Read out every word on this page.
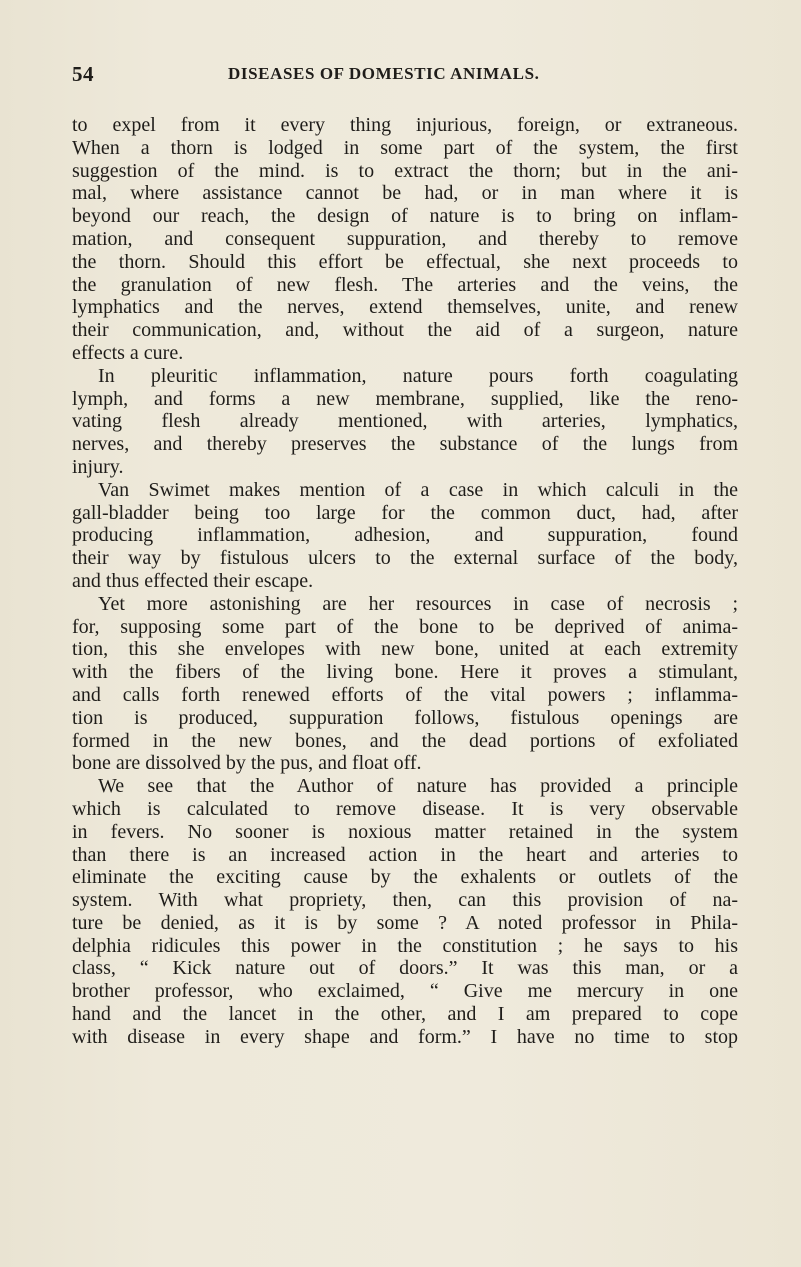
54	DISEASES OF DOMESTIC ANIMALS.
to expel from it every thing injurious, foreign, or extraneous.
When a thorn is lodged in some part of the system, the first
suggestion of the mind. is to extract the thorn; but in the ani-
mal, where assistance cannot be had, or in man where it is
beyond our reach, the design of nature is to bring on inflam-
mation, and consequent suppuration, and thereby to remove
the thorn. Should this effort be effectual, she next proceeds to
the granulation of new flesh. The arteries and the veins, the
lymphatics and the nerves, extend themselves, unite, and renew
their communication, and, without the aid of a surgeon, nature
effects a cure.
In pleuritic inflammation, nature pours forth coagulating
lymph, and forms a new membrane, supplied, like the reno-
vating flesh already mentioned, with arteries, lymphatics,
nerves, and thereby preserves the substance of the lungs from
injury.
Van Swimet makes mention of a case in which calculi in the
gall-bladder being too large for the common duct, had, after
producing inflammation, adhesion, and suppuration, found
their way by fistulous ulcers to the external surface of the body,
and thus effected their escape.
Yet more astonishing are her resources in case of necrosis ;
for, supposing some part of the bone to be deprived of anima-
tion, this she envelopes with new bone, united at each extremity
with the fibers of the living bone. Here it proves a stimulant,
and calls forth renewed efforts of the vital powers ; inflamma-
tion is produced, suppuration follows, fistulous openings are
formed in the new bones, and the dead portions of exfoliated
bone are dissolved by the pus, and float off.
We see that the Author of nature has provided a principle
which is calculated to remove disease. It is very observable
in fevers. No sooner is noxious matter retained in the system
than there is an increased action in the heart and arteries to
eliminate the exciting cause by the exhalents or outlets of the
system. With what propriety, then, can this provision of na-
ture be denied, as it is by some ? A noted professor in Phila-
delphia ridicules this power in the constitution ; he says to his
class, “ Kick nature out of doors.” It was this man, or a
brother professor, who exclaimed, “ Give me mercury in one
hand and the lancet in the other, and I am prepared to cope
with disease in every shape and form.” I have no time to stop
